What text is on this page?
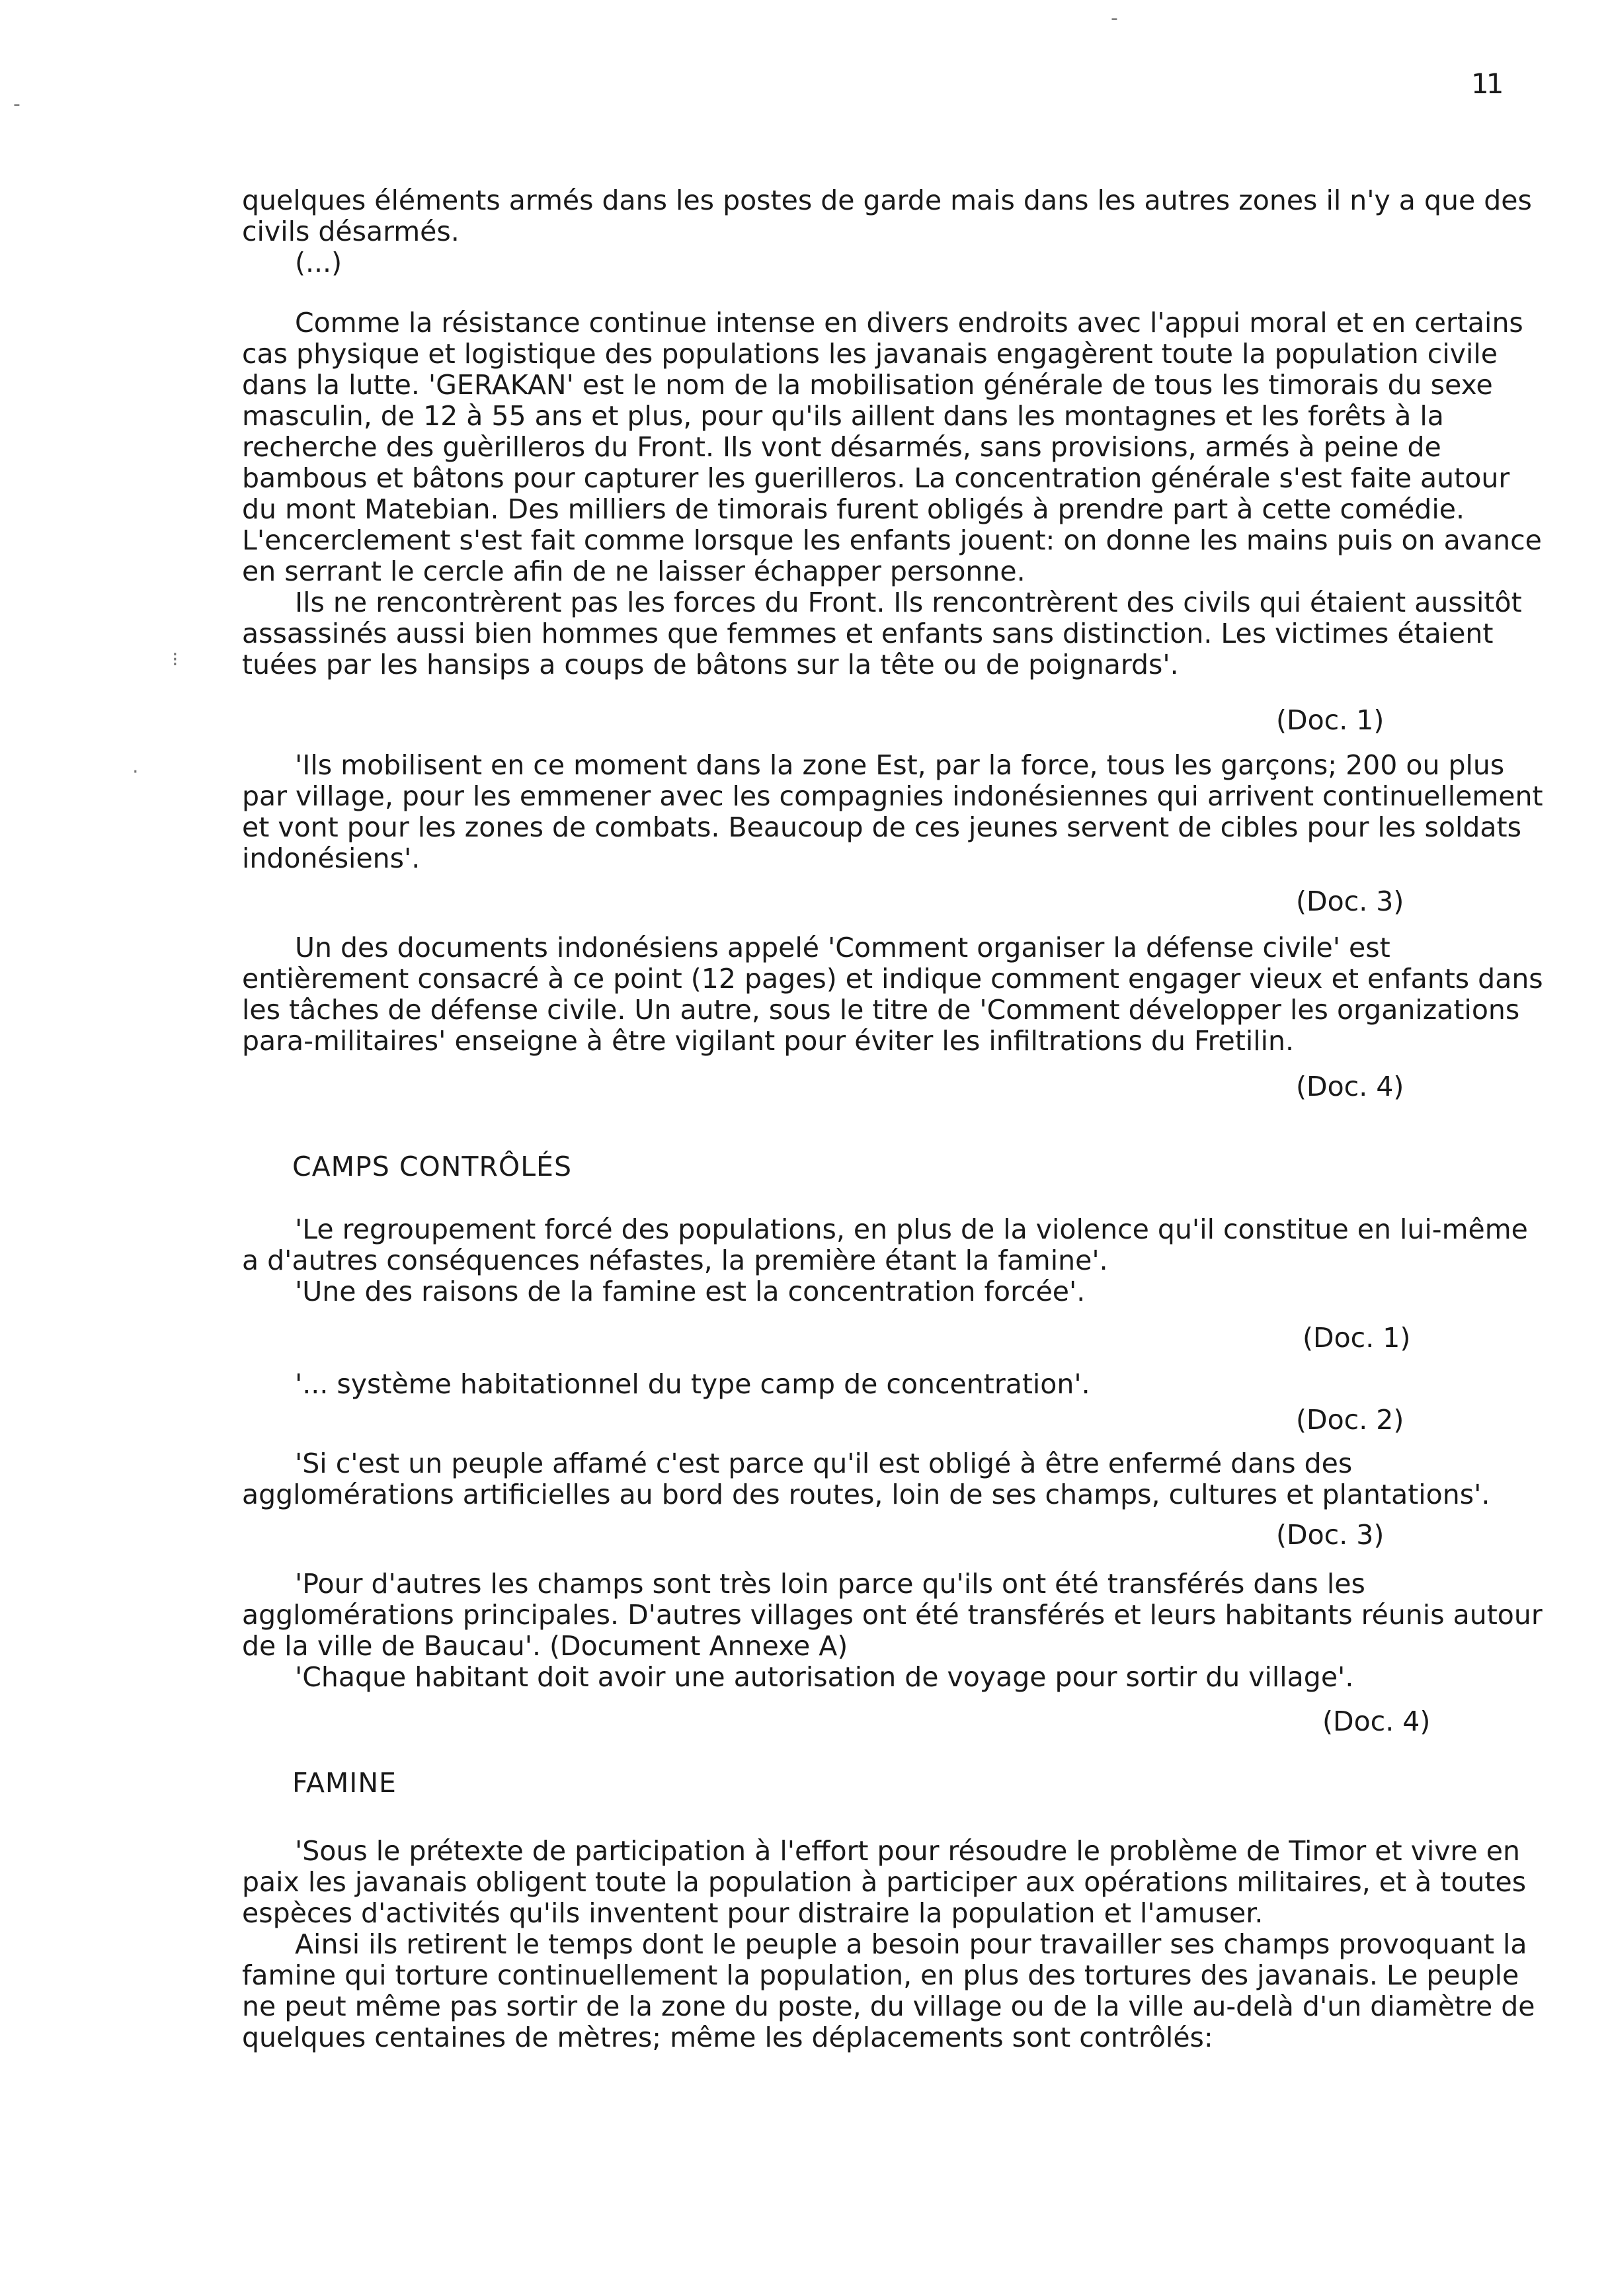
11

quelques éléments armés dans les postes de garde mais dans les autres zones il n'y a que des civils désarmés.

(...)

Comme la résistance continue intense en divers endroits avec l'appui moral et en certains cas physique et logistique des populations les javanais engagèrent toute la population civile dans la lutte. 'GERAKAN' est le nom de la mobilisation générale de tous les timorais du sexe masculin, de 12 à 55 ans et plus, pour qu'ils aillent dans les montagnes et les forêts à la recherche des guèrilleros du Front. Ils vont désarmés, sans provisions, armés à peine de bambous et bâtons pour capturer les guerilleros. La concentration générale s'est faite autour du mont Matebian. Des milliers de timorais furent obligés à prendre part à cette comédie. L'encerclement s'est fait comme lorsque les enfants jouent: on donne les mains puis on avance en serrant le cercle afin de ne laisser échapper personne.

Ils ne rencontrèrent pas les forces du Front. Ils rencontrèrent des civils qui étaient aussitôt assassinés aussi bien hommes que femmes et enfants sans distinction. Les victimes étaient tuées par les hansips a coups de bâtons sur la tête ou de poignards'.

(Doc. 1)

'Ils mobilisent en ce moment dans la zone Est, par la force, tous les garçons; 200 ou plus par village, pour les emmener avec les compagnies indonésiennes qui arrivent continuellement et vont pour les zones de combats. Beaucoup de ces jeunes servent de cibles pour les soldats indonésiens'.

(Doc. 3)

Un des documents indonésiens appelé 'Comment organiser la défense civile' est entièrement consacré à ce point (12 pages) et indique comment engager vieux et enfants dans les tâches de défense civile. Un autre, sous le titre de 'Comment développer les organizations para-militaires' enseigne à être vigilant pour éviter les infiltrations du Fretilin.

(Doc. 4)
CAMPS CONTRÔLÉS

'Le regroupement forcé des populations, en plus de la violence qu'il constitue en lui-même a d'autres conséquences néfastes, la première étant la famine'.

'Une des raisons de la famine est la concentration forcée'.

(Doc. 1)

'... système habitationnel du type camp de concentration'.

(Doc. 2)

'Si c'est un peuple affamé c'est parce qu'il est obligé à être enfermé dans des agglomérations artificielles au bord des routes, loin de ses champs, cultures et plantations'.

(Doc. 3)

'Pour d'autres les champs sont très loin parce qu'ils ont été transférés dans les agglomérations principales. D'autres villages ont été transférés et leurs habitants réunis autour de la ville de Baucau'. (Document Annexe A)

'Chaque habitant doit avoir une autorisation de voyage pour sortir du village'.

(Doc. 4)
FAMINE

'Sous le prétexte de participation à l'effort pour résoudre le problème de Timor et vivre en paix les javanais obligent toute la population à participer aux opérations militaires, et à toutes espèces d'activités qu'ils inventent pour distraire la population et l'amuser.

Ainsi ils retirent le temps dont le peuple a besoin pour travailler ses champs provoquant la famine qui torture continuellement la population, en plus des tortures des javanais. Le peuple ne peut même pas sortir de la zone du poste, du village ou de la ville au-delà d'un diamètre de quelques centaines de mètres; même les déplacements sont contrôlés:

⁝
·
-
-
